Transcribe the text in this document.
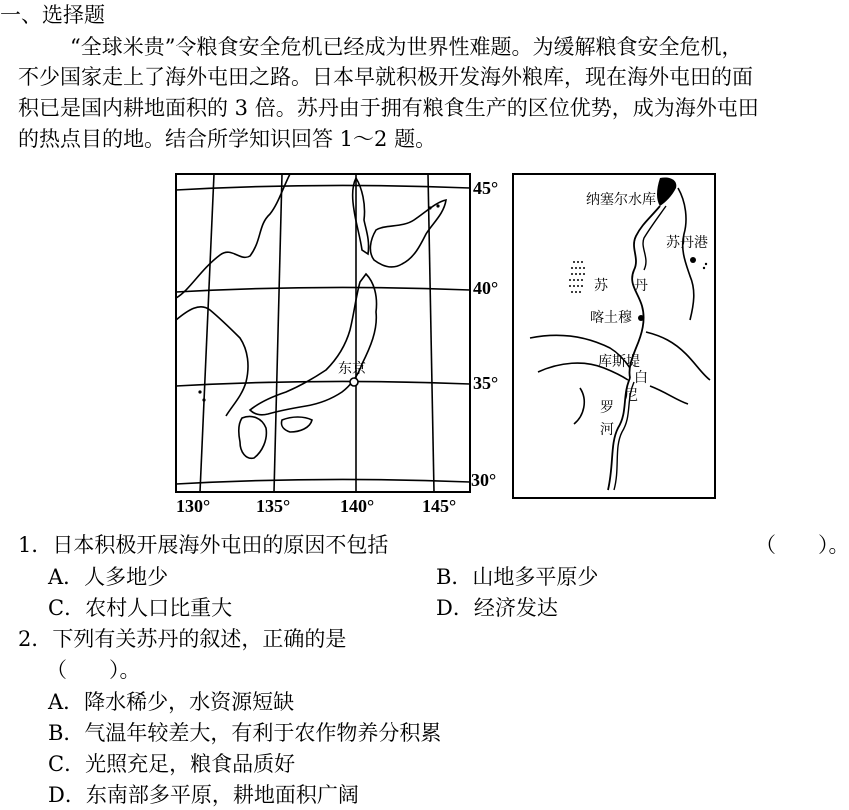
一、选择题
“全球米贵”令粮食安全危机已经成为世界性难题。为缓解粮食安全危机，
不少国家走上了海外屯田之路。日本早就积极开发海外粮库，现在海外屯田的面
积已是国内耕地面积的 3 倍。苏丹由于拥有粮食生产的区位优势，成为海外屯田
的热点目的地。结合所学知识回答 1～2 题。
东京
45°
40°
35°
30°
130°	135°	140°	145°
纳塞尔水库
苏丹港
苏 丹
喀土穆
库斯堤
白
尼
罗
河
1．日本积极开展海外屯田的原因不包括	（　　）。
A．人多地少	B．山地多平原少
C．农村人口比重大	D．经济发达
2．下列有关苏丹的叙述，正确的是
（　　）。
A．降水稀少，水资源短缺
B．气温年较差大，有利于农作物养分积累
C．光照充足，粮食品质好
D．东南部多平原，耕地面积广阔
